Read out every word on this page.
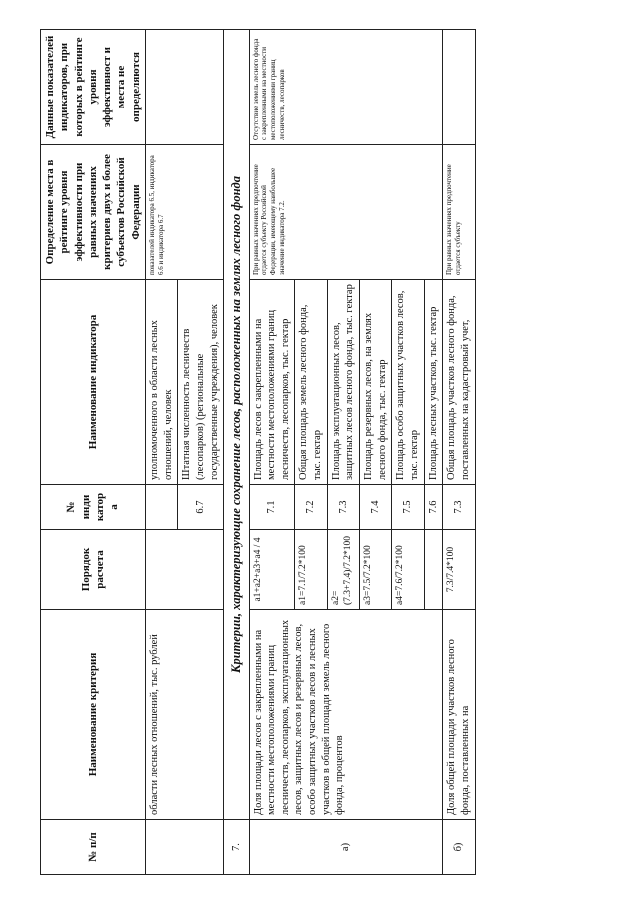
№ п/п	Наименование критерия	Порядок расчета	№ инди катор а	Наименование индикатора	Определение места в рейтинге уровня эффективности при равных значениях критериев двух и более субъектов Российской Федерации	Данные показателей индикаторов, при которых в рейтинге уровня эффективност и места не определяются
	области лесных отношений, тыс. рублей			уполномоченного в области лесных отношений, человек	показателей индикатора 6.5, индикатора 6.6 и индикатора 6.7	
			6.7	Штатная численность лесничеств (лесопарков) (региональные государственные учреждения), человек		
7.	Критерии, характеризующие сохранение лесов, расположенных на землях лесного фонда					
а)	Доля площади лесов с закрепленными на местности местоположениями границ лесничеств, лесопарков, эксплуатационных лесов, защитных лесов и резервных лесов, особо защитных участков лесов и лесных участков в общей площади земель лесного фонда, процентов	a1+a2+a3+a4 / 4	7.1	Площадь лесов с закрепленными на местности местоположениями границ лесничеств, лесопарков, тыс. гектар	При равных значениях предпочтение отдается субъекту Российской Федерации, имеющему наибольшее значение индикатора 7.2.	Отсутствие земель лесного фонда с закрепленными на местности местоположениями границ лесничеств, лесопарков
		a1=7.1/7.2*100	7.2	Общая площадь земель лесного фонда, тыс. гектар		
		a2=(7.3+7.4)/7.2*100	7.3	Площадь эксплуатационных лесов, защитных лесов лесного фонда, тыс. гектар		
		a3=7.5/7.2*100	7.4	Площадь резервных лесов, на землях лесного фонда, тыс. гектар		
		a4=7.6/7.2*100	7.5	Площадь особо защитных участков лесов, тыс. гектар		
			7.6	Площадь лесных участков, тыс. гектар		
б)	Доля общей площади участков лесного фонда, поставленных на	7.3/7.4*100	7.3	Общая площадь участков лесного фонда, поставленных на кадастровый учет,	При равных значениях предпочтение отдается субъекту	
